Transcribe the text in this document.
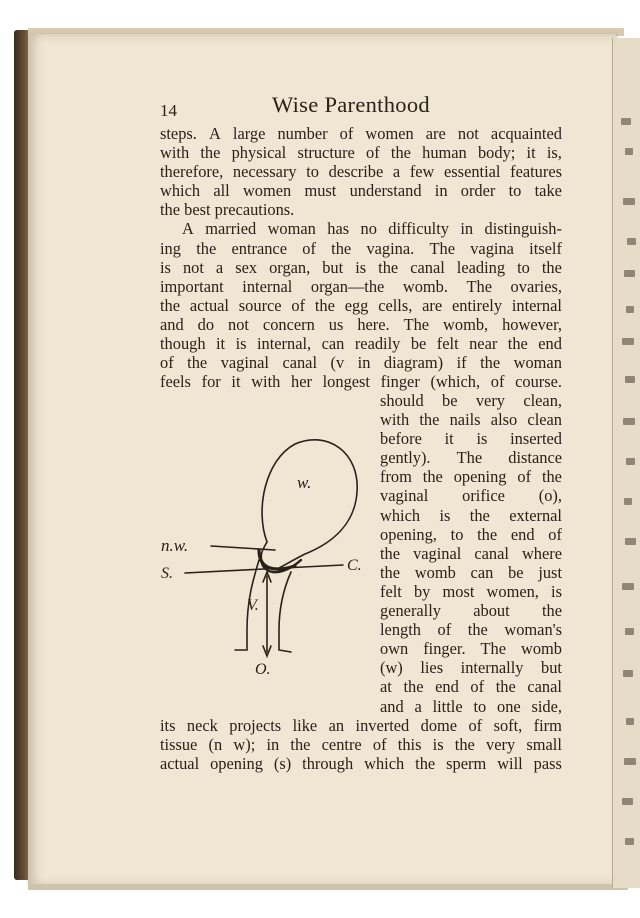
14	Wise Parenthood
steps. A large number of women are not acquainted
with the physical structure of the human body; it is,
therefore, necessary to describe a few essential features
which all women must understand in order to take
the best precautions.
A married woman has no difficulty in distinguish-
ing the entrance of the vagina. The vagina itself
is not a sex organ, but is the canal leading to the
important internal organ—the womb. The ovaries,
the actual source of the egg cells, are entirely internal
and do not concern us here. The womb, however,
though it is internal, can readily be felt near the end
of the vaginal canal (v in diagram) if the woman
feels for it with her longest finger (which, of course.
should be very clean,
with the nails also clean
before it is inserted
gently). The distance
from the opening of the
vaginal orifice (o),
which is the external
opening, to the end of
the vaginal canal where
the womb can be just
felt by most women, is
generally about the
length of the woman's
own finger. The womb
(w) lies internally but
at the end of the canal
and a little to one side,
w.
n.w.
S.	C.
V.
O.
its neck projects like an inverted dome of soft, firm
tissue (n w); in the centre of this is the very small
actual opening (s) through which the sperm will pass
